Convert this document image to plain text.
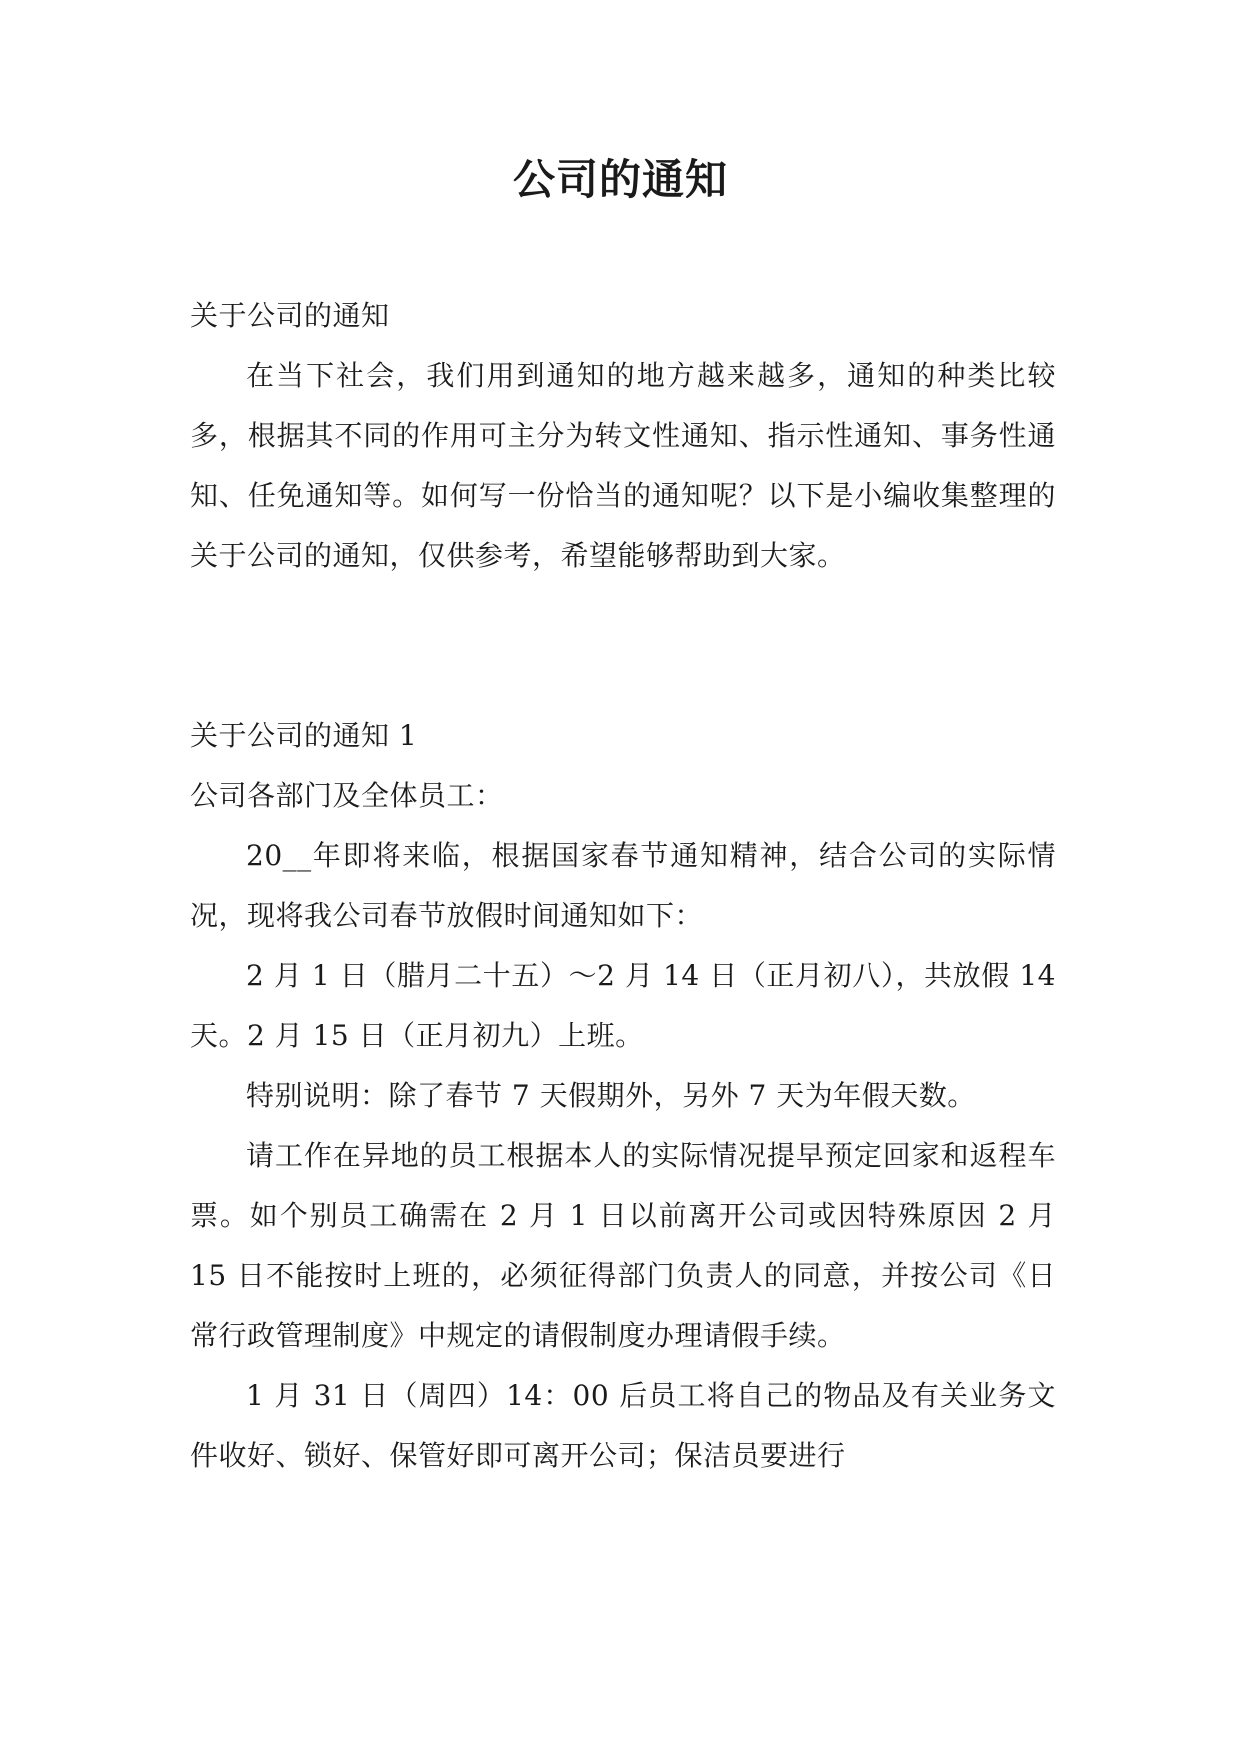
公司的通知

关于公司的通知

在当下社会，我们用到通知的地方越来越多，通知的种类比较多，根据其不同的作用可主分为转文性通知、指示性通知、事务性通知、任免通知等。如何写一份恰当的通知呢？以下是小编收集整理的关于公司的通知，仅供参考，希望能够帮助到大家。

关于公司的通知 1

公司各部门及全体员工：

20__年即将来临，根据国家春节通知精神，结合公司的实际情况，现将我公司春节放假时间通知如下：

2 月 1 日（腊月二十五）～2 月 14 日（正月初八），共放假 14 天。2 月 15 日（正月初九）上班。

特别说明：除了春节 7 天假期外，另外 7 天为年假天数。

请工作在异地的员工根据本人的实际情况提早预定回家和返程车票。如个别员工确需在 2 月 1 日以前离开公司或因特殊原因 2 月 15 日不能按时上班的，必须征得部门负责人的同意，并按公司《日常行政管理制度》中规定的请假制度办理请假手续。

1 月 31 日（周四）14：00 后员工将自己的物品及有关业务文件收好、锁好、保管好即可离开公司；保洁员要进行
